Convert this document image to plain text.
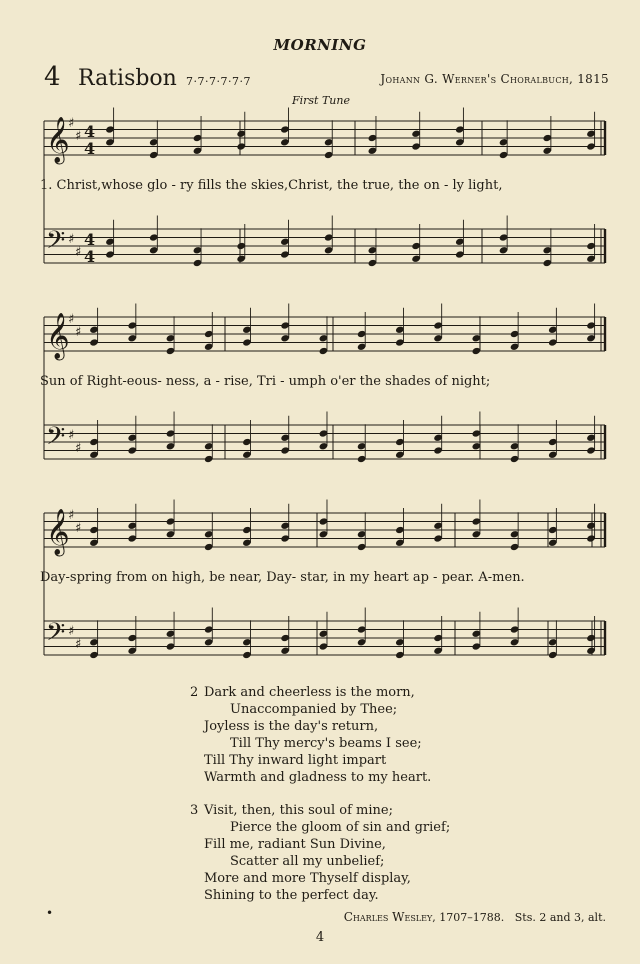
MORNING
4 Ratisbon 7·7·7·7·7·7	Johann G. Werner's Choralbuch, 1815
First Tune
𝄞
♯
♯ 4
4
𝄢 ♯
♯
4
4
𝄞
♯
♯
𝄢 ♯
♯
𝄞
♯
♯
𝄢 ♯
♯
1. Christ,whose glo - ry fills the skies,Christ, the true, the on - ly light,
Sun of Right-eous- ness, a - rise, Tri - umph o'er the shades of night;
Day-spring from on high, be near, Day- star, in my heart ap - pear. A-men.
2 Dark and cheerless is the morn,
Unaccompanied by Thee;
Joyless is the day's return,
Till Thy mercy's beams I see;
Till Thy inward light impart
Warmth and gladness to my heart.
3 Visit, then, this soul of mine;
Pierce the gloom of sin and grief;
Fill me, radiant Sun Divine,
Scatter all my unbelief;
More and more Thyself display,
Shining to the perfect day.
•	Charles Wesley, 1707–1788. Sts. 2 and 3, alt.
4
